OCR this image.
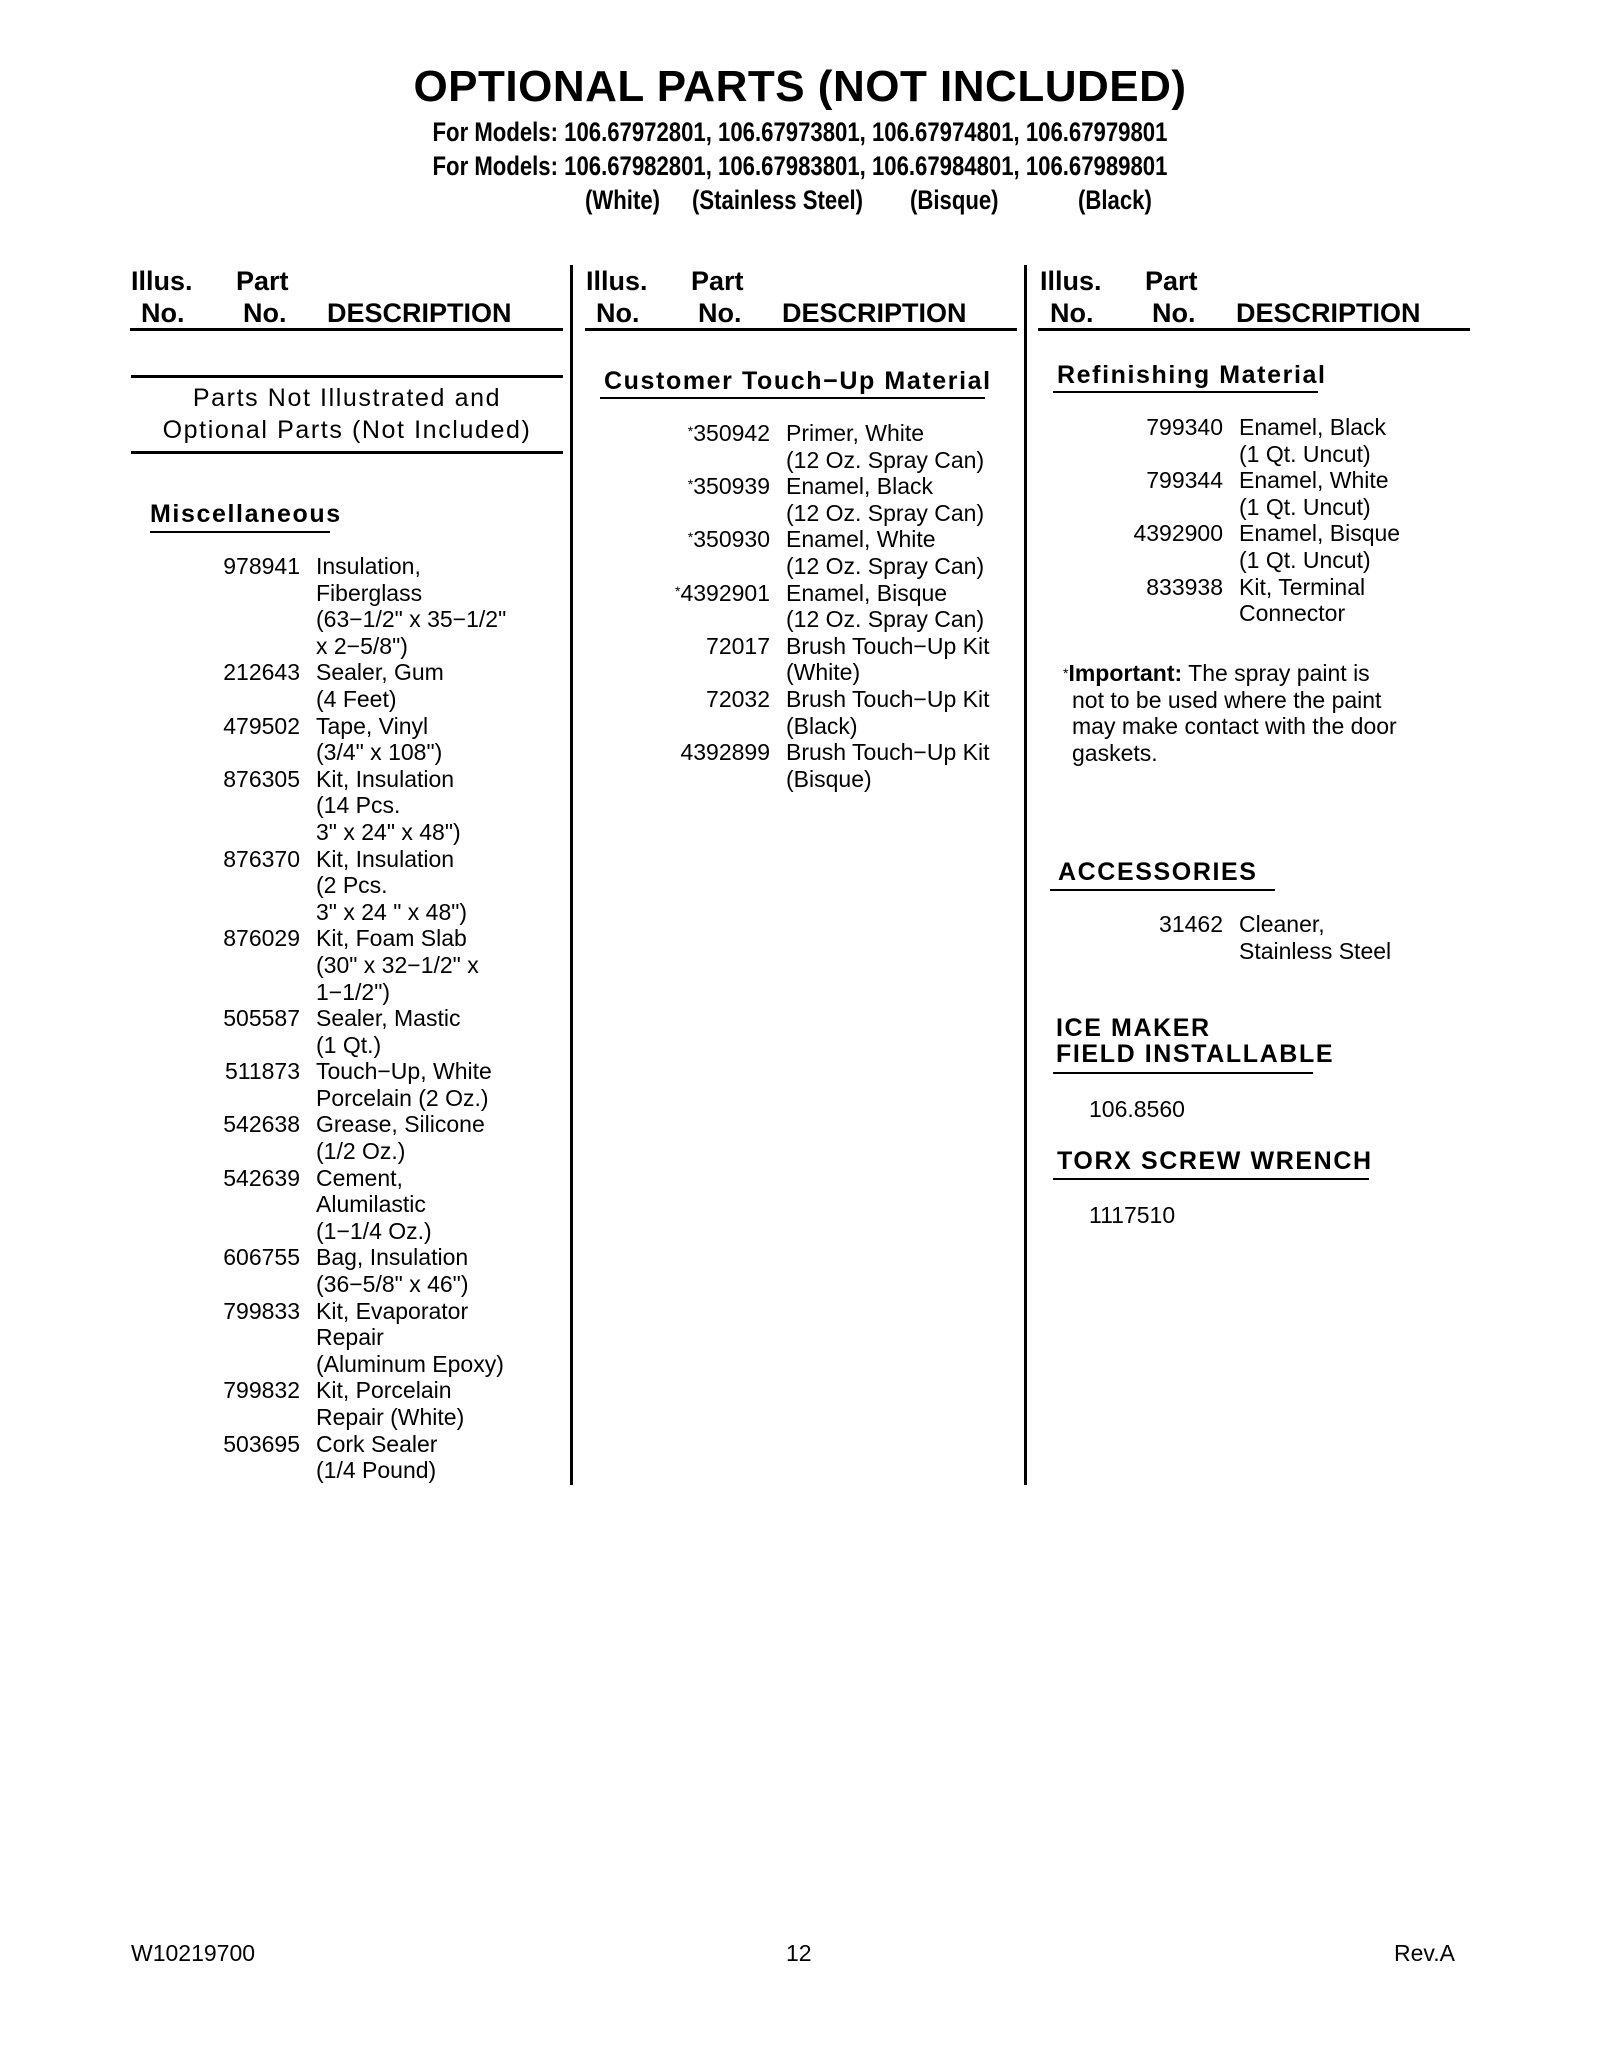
OPTIONAL PARTS (NOT INCLUDED)
For Models: 106.67972801, 106.67973801, 106.67974801, 106.67979801
For Models: 106.67982801, 106.67983801, 106.67984801, 106.67989801
(White) (Stainless Steel) (Bisque)	(Black)
Illus. Part
No. No. DESCRIPTION
Illus. Part
No. No. DESCRIPTION
Illus. Part
No. No. DESCRIPTION
Parts Not Illustrated and
Optional Parts (Not Included)
Miscellaneous
978941 Insulation,
Fiberglass
(63−1/2" x 35−1/2"
x 2−5/8")
212643 Sealer, Gum
(4 Feet)
479502 Tape, Vinyl
(3/4" x 108")
876305 Kit, Insulation
(14 Pcs.
3" x 24" x 48")
876370 Kit, Insulation
(2 Pcs.
3" x 24 " x 48")
876029 Kit, Foam Slab
(30" x 32−1/2" x
1−1/2")
505587 Sealer, Mastic
(1 Qt.)
511873 Touch−Up, White
Porcelain (2 Oz.)
542638 Grease, Silicone
(1/2 Oz.)
542639 Cement,
Alumilastic
(1−1/4 Oz.)
606755 Bag, Insulation
(36−5/8" x 46")
799833 Kit, Evaporator
Repair
(Aluminum Epoxy)
799832 Kit, Porcelain
Repair (White)
503695 Cork Sealer
(1/4 Pound)
Customer Touch−Up Material
*350942 Primer, White
(12 Oz. Spray Can)
*350939 Enamel, Black
(12 Oz. Spray Can)
*350930 Enamel, White
(12 Oz. Spray Can)
*4392901 Enamel, Bisque
(12 Oz. Spray Can)
72017 Brush Touch−Up Kit
(White)
72032 Brush Touch−Up Kit
(Black)
4392899 Brush Touch−Up Kit
(Bisque)
Refinishing Material
799340 Enamel, Black
(1 Qt. Uncut)
799344 Enamel, White
(1 Qt. Uncut)
4392900 Enamel, Bisque
(1 Qt. Uncut)
833938 Kit, Terminal
Connector
*Important: The spray paint is
not to be used where the paint
may make contact with the door
gaskets.
ACCESSORIES
31462 Cleaner,
Stainless Steel
ICE MAKER
FIELD INSTALLABLE
106.8560
TORX SCREW WRENCH
1117510
W10219700	12	Rev.A
